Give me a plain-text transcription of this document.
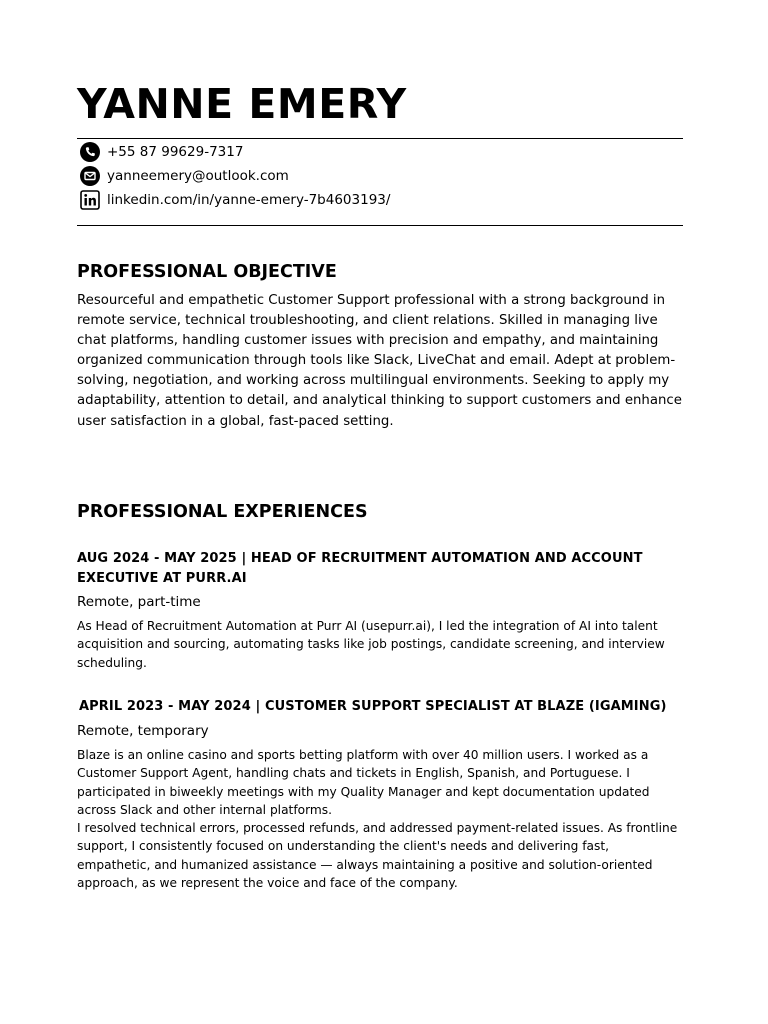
YANNE EMERY
+55 87 99629-7317
yanneemery@outlook.com
linkedin.com/in/yanne-emery-7b4603193/
PROFESSIONAL OBJECTIVE
Resourceful and empathetic Customer Support professional with a strong background in remote service, technical troubleshooting, and client relations. Skilled in managing live chat platforms, handling customer issues with precision and empathy, and maintaining organized communication through tools like Slack, LiveChat and email. Adept at problem-solving, negotiation, and working across multilingual environments. Seeking to apply my adaptability, attention to detail, and analytical thinking to support customers and enhance user satisfaction in a global, fast-paced setting.
PROFESSIONAL EXPERIENCES
AUG 2024 - MAY 2025 | HEAD OF RECRUITMENT AUTOMATION AND ACCOUNT EXECUTIVE AT PURR.AI
Remote, part-time
As Head of Recruitment Automation at Purr AI (usepurr.ai), I led the integration of AI into talent acquisition and sourcing, automating tasks like job postings, candidate screening, and interview scheduling.
APRIL 2023 - MAY 2024 | CUSTOMER SUPPORT SPECIALIST AT BLAZE (IGAMING)
Remote, temporary

Blaze is an online casino and sports betting platform with over 40 million users. I worked as a Customer Support Agent, handling chats and tickets in English, Spanish, and Portuguese. I participated in biweekly meetings with my Quality Manager and kept documentation updated across Slack and other internal platforms.

I resolved technical errors, processed refunds, and addressed payment-related issues. As frontline support, I consistently focused on understanding the client's needs and delivering fast, empathetic, and humanized assistance — always maintaining a positive and solution-oriented approach, as we represent the voice and face of the company.
